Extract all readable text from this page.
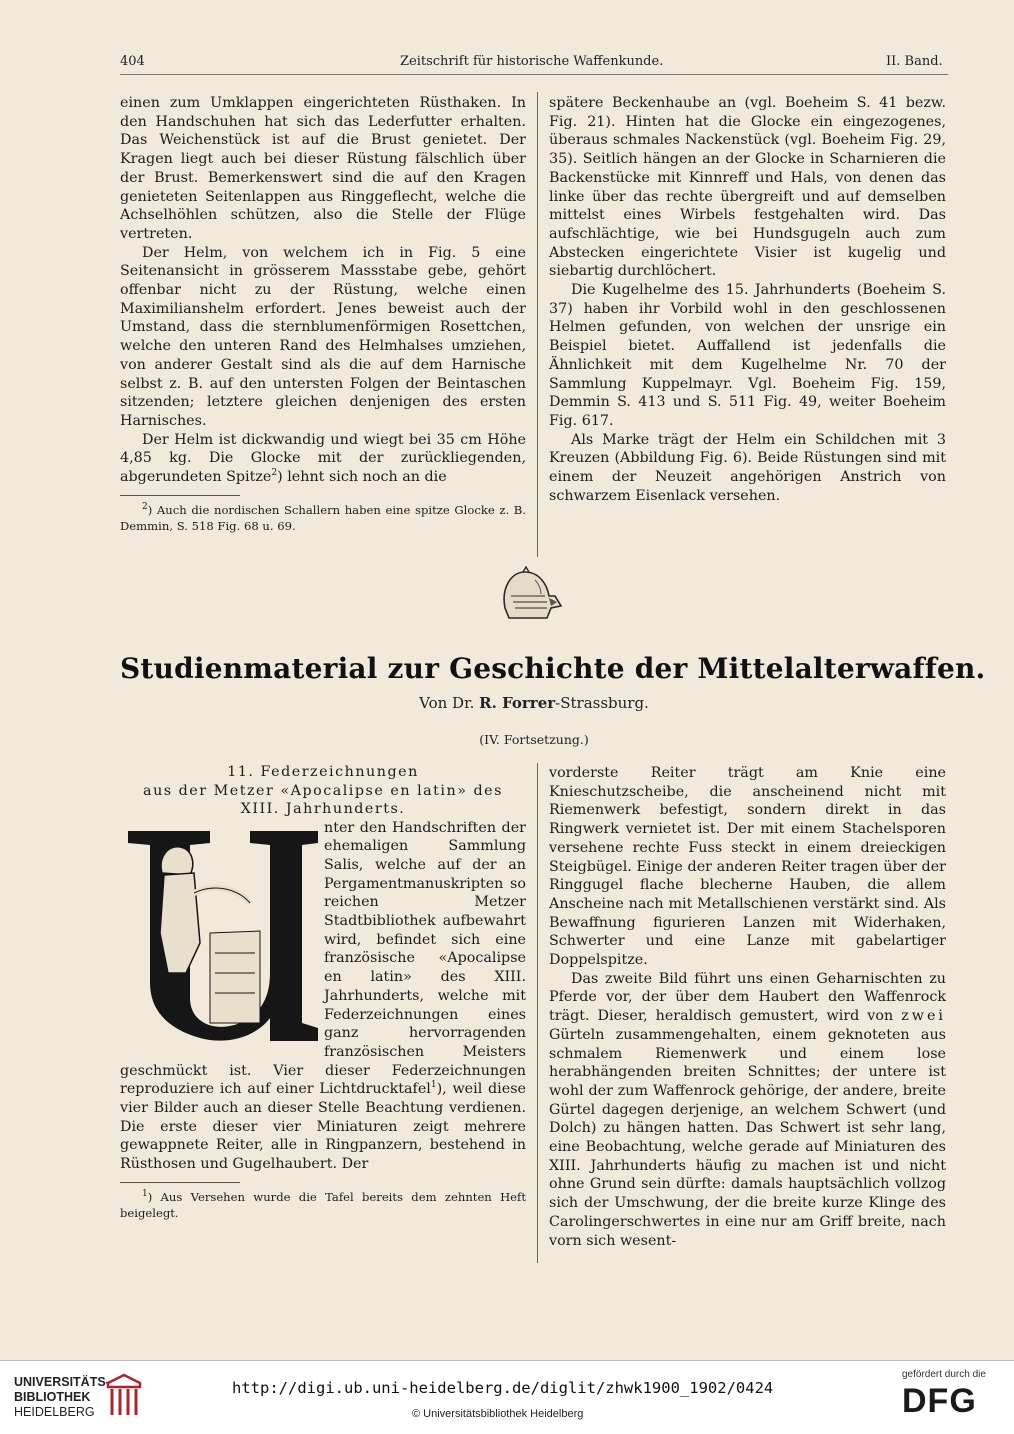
404	Zeitschrift für historische Waffenkunde.	II. Band.

einen zum Umklappen eingerichteten Rüsthaken. In den Handschuhen hat sich das Lederfutter erhalten. Das Weichenstück ist auf die Brust genietet. Der Kragen liegt auch bei dieser Rüstung fälschlich über der Brust. Bemerkenswert sind die auf den Kragen genieteten Seitenlappen aus Ringgeflecht, welche die Achselhöhlen schützen, also die Stelle der Flüge vertreten.

Der Helm, von welchem ich in Fig. 5 eine Seitenansicht in grösserem Massstabe gebe, gehört offenbar nicht zu der Rüstung, welche einen Maximilianshelm erfordert. Jenes beweist auch der Umstand, dass die sternblumenförmigen Rosettchen, welche den unteren Rand des Helmhalses umziehen, von anderer Gestalt sind als die auf dem Harnische selbst z. B. auf den untersten Folgen der Beintaschen sitzenden; letztere gleichen denjenigen des ersten Harnisches.

Der Helm ist dickwandig und wiegt bei 35 cm Höhe 4,85 kg. Die Glocke mit der zurückliegenden, abgerundeten Spitze$^2$) lehnt sich noch an die

$^2$) Auch die nordischen Schallern haben eine spitze Glocke z. B. Demmin, S. 518 Fig. 68 u. 69.

spätere Beckenhaube an (vgl. Boeheim S. 41 bezw. Fig. 21). Hinten hat die Glocke ein eingezogenes, überaus schmales Nackenstück (vgl. Boeheim Fig. 29, 35). Seitlich hängen an der Glocke in Scharnieren die Backenstücke mit Kinnreff und Hals, von denen das linke über das rechte übergreift und auf demselben mittelst eines Wirbels festgehalten wird. Das aufschlächtige, wie bei Hundsgugeln auch zum Abstecken eingerichtete Visier ist kugelig und siebartig durchlöchert.

Die Kugelhelme des 15. Jahrhunderts (Boeheim S. 37) haben ihr Vorbild wohl in den geschlossenen Helmen gefunden, von welchen der unsrige ein Beispiel bietet. Auffallend ist jedenfalls die Ähnlichkeit mit dem Kugelhelme Nr. 70 der Sammlung Kuppelmayr. Vgl. Boeheim Fig. 159, Demmin S. 413 und S. 511 Fig. 49, weiter Boeheim Fig. 617.

Als Marke trägt der Helm ein Schildchen mit 3 Kreuzen (Abbildung Fig. 6). Beide Rüstungen sind mit einem der Neuzeit angehörigen Anstrich von schwarzem Eisenlack versehen.

Studienmaterial zur Geschichte der Mittelalterwaffen.
Von Dr. R. Forrer-Strassburg.
(IV. Fortsetzung.)
11. Federzeichnungen
aus der Metzer «Apocalipse en latin» des
XIII. Jahrhunderts.
E.L.

nter den Handschriften der ehemaligen Sammlung Salis, welche auf der an Pergamentmanuskripten so reichen Metzer Stadtbibliothek aufbewahrt wird, befindet sich eine französische «Apocalipse en latin» des XIII. Jahrhunderts, welche mit Federzeichnungen eines ganz hervorragenden französischen Meisters geschmückt ist. Vier dieser Federzeichnungen reproduziere ich auf einer Lichtdrucktafel$^1$), weil diese vier Bilder auch an dieser Stelle Beachtung verdienen. Die erste dieser vier Miniaturen zeigt mehrere gewappnete Reiter, alle in Ringpanzern, bestehend in Rüsthosen und Gugelhaubert. Der

$^1$) Aus Versehen wurde die Tafel bereits dem zehnten Heft beigelegt.

vorderste Reiter trägt am Knie eine Knieschutzscheibe, die anscheinend nicht mit Riemenwerk befestigt, sondern direkt in das Ringwerk vernietet ist. Der mit einem Stachelsporen versehene rechte Fuss steckt in einem dreieckigen Steigbügel. Einige der anderen Reiter tragen über der Ringgugel flache blecherne Hauben, die allem Anscheine nach mit Metallschienen verstärkt sind. Als Bewaffnung figurieren Lanzen mit Widerhaken, Schwerter und eine Lanze mit gabelartiger Doppelspitze.

Das zweite Bild führt uns einen Geharnischten zu Pferde vor, der über dem Haubert den Waffenrock trägt. Dieser, heraldisch gemustert, wird von zwei Gürteln zusammengehalten, einem geknoteten aus schmalem Riemenwerk und einem lose herabhängenden breiten Schnittes; der untere ist wohl der zum Waffenrock gehörige, der andere, breite Gürtel dagegen derjenige, an welchem Schwert (und Dolch) zu hängen hatten. Das Schwert ist sehr lang, eine Beobachtung, welche gerade auf Miniaturen des XIII. Jahrhunderts häufig zu machen ist und nicht ohne Grund sein dürfte: damals hauptsächlich vollzog sich der Umschwung, der die breite kurze Klinge des Carolingerschwertes in eine nur am Griff breite, nach vorn sich wesent-

UNIVERSITÄTS-
BIBLIOTHEK
HEIDELBERG
http://digi.ub.uni-heidelberg.de/diglit/zhwk1900_1902/0424
© Universitätsbibliothek Heidelberg
gefördert durch die
DFG
